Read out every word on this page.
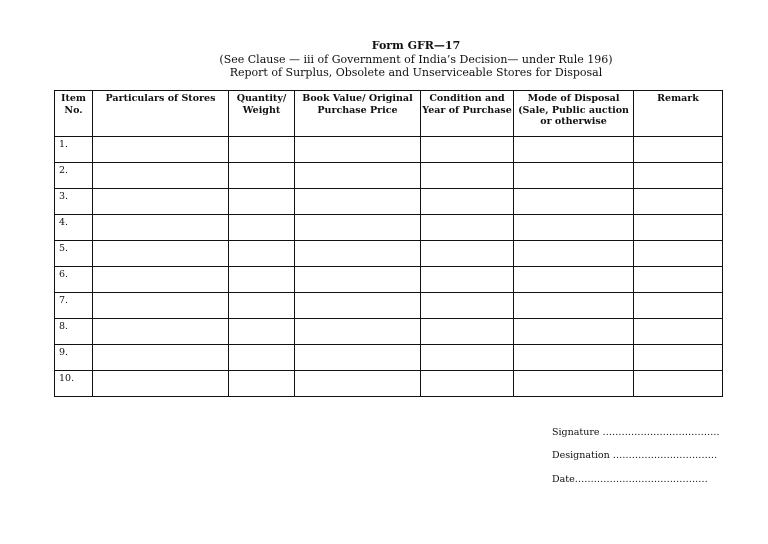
Form GFR—17
(See Clause — iii of Government of India’s Decision— under Rule 196)
Report of Surplus, Obsolete and Unserviceable Stores for Disposal
Item No.	Particulars of Stores	Quantity/ Weight	Book Value/ Original Purchase Price	Condition and Year of Purchase	Mode of Disposal (Sale, Public auction or otherwise	Remark
1.						
2.						
3.						
4.						
5.						
6.						
7.						
8.						
9.						
10.						
Signature ……………………………….
Designation ……………………………
Date……………………………………
